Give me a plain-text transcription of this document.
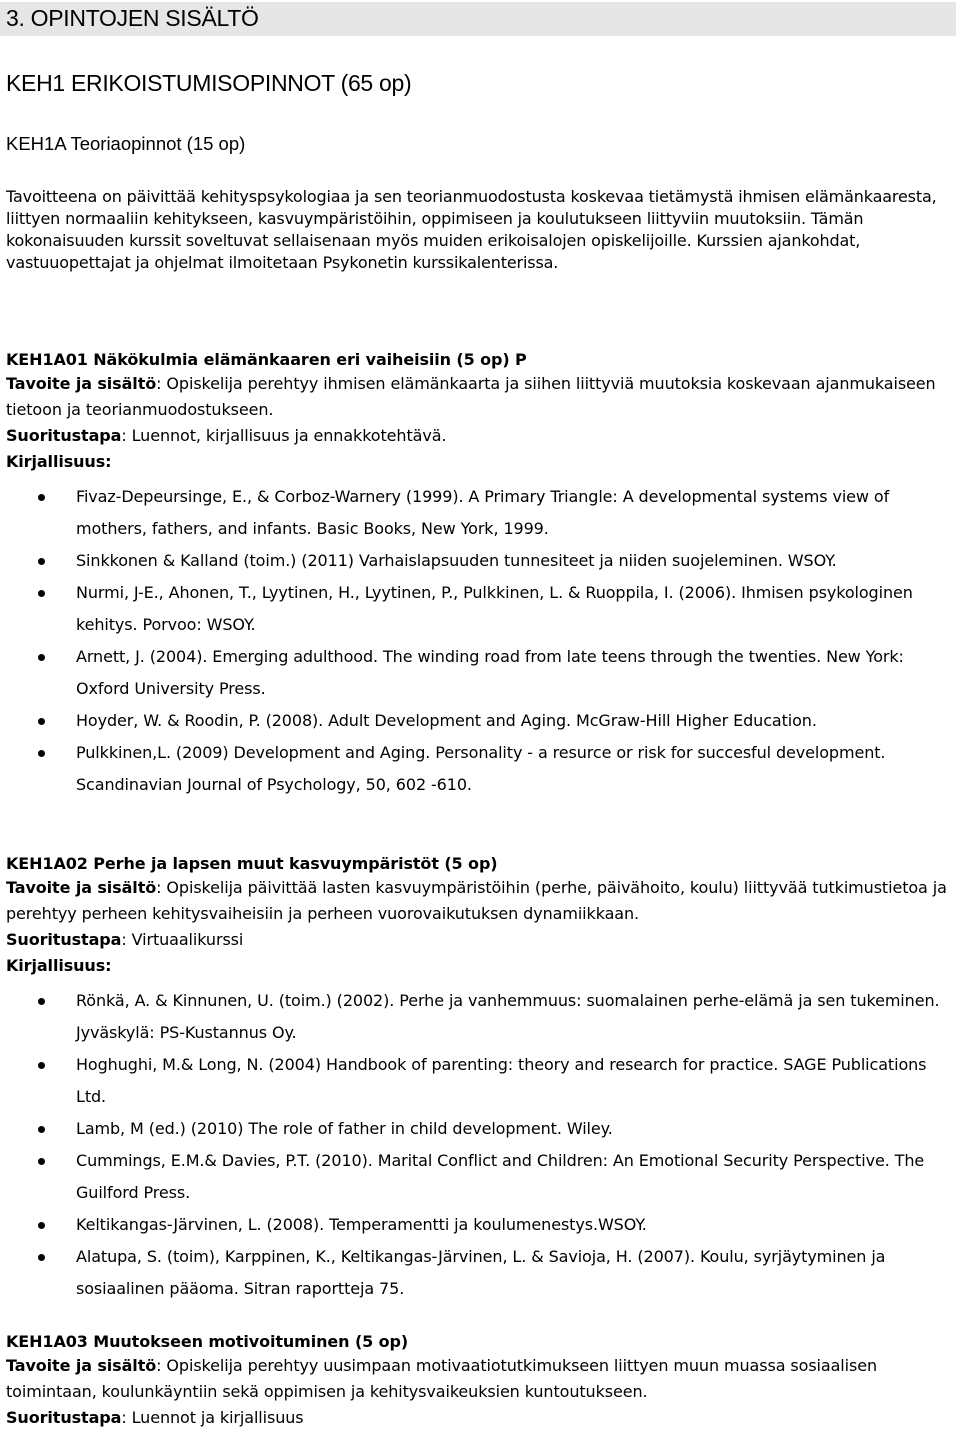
3. OPINTOJEN SISÄLTÖ
KEH1 ERIKOISTUMISOPINNOT (65 op)
KEH1A Teoriaopinnot (15 op)

Tavoitteena on päivittää kehityspsykologiaa ja sen teorianmuodostusta koskevaa tietämystä ihmisen elämänkaaresta, liittyen normaaliin kehitykseen, kasvuympäristöihin, oppimiseen ja koulutukseen liittyviin muutoksiin. Tämän kokonaisuuden kurssit soveltuvat sellaisenaan myös muiden erikoisalojen opiskelijoille. Kurssien ajankohdat, vastuuopettajat ja ohjelmat ilmoitetaan Psykonetin kurssikalenterissa.

KEH1A01 Näkökulmia elämänkaaren eri vaiheisiin (5 op) P
Tavoite ja sisältö: Opiskelija perehtyy ihmisen elämänkaarta ja siihen liittyviä muutoksia koskevaan ajanmukaiseen tietoon ja teorianmuodostukseen.
Suoritustapa: Luennot, kirjallisuus ja ennakkotehtävä.
Kirjallisuus:
Fivaz-Depeursinge, E., & Corboz-Warnery (1999). A Primary Triangle: A developmental systems view of mothers, fathers, and infants. Basic Books, New York, 1999.
Sinkkonen & Kalland (toim.) (2011) Varhaislapsuuden tunnesiteet ja niiden suojeleminen. WSOY.
Nurmi, J-E., Ahonen, T., Lyytinen, H., Lyytinen, P., Pulkkinen, L. & Ruoppila, I. (2006). Ihmisen psykologinen kehitys. Porvoo: WSOY.
Arnett, J. (2004). Emerging adulthood. The winding road from late teens through the twenties. New York: Oxford University Press.
Hoyder, W. & Roodin, P. (2008). Adult Development and Aging. McGraw-Hill Higher Education.
Pulkkinen,L. (2009) Development and Aging. Personality - a resurce or risk for succesful development. Scandinavian Journal of Psychology, 50, 602 -610.
KEH1A02 Perhe ja lapsen muut kasvuympäristöt (5 op)
Tavoite ja sisältö: Opiskelija päivittää lasten kasvuympäristöihin (perhe, päivähoito, koulu) liittyvää tutkimustietoa ja perehtyy perheen kehitysvaiheisiin ja perheen vuorovaikutuksen dynamiikkaan.
Suoritustapa: Virtuaalikurssi
Kirjallisuus:
Rönkä, A. & Kinnunen, U. (toim.) (2002). Perhe ja vanhemmuus: suomalainen perhe-elämä ja sen tukeminen. Jyväskylä: PS-Kustannus Oy.
Hoghughi, M.& Long, N. (2004) Handbook of parenting: theory and research for practice. SAGE Publications Ltd.
Lamb, M (ed.) (2010) The role of father in child development. Wiley.
Cummings, E.M.& Davies, P.T. (2010). Marital Conflict and Children: An Emotional Security Perspective. The Guilford Press.
Keltikangas-Järvinen, L. (2008). Temperamentti ja koulumenestys.WSOY.
Alatupa, S. (toim), Karppinen, K., Keltikangas-Järvinen, L. & Savioja, H. (2007). Koulu, syrjäytyminen ja sosiaalinen pääoma. Sitran raportteja 75.
KEH1A03 Muutokseen motivoituminen (5 op)
Tavoite ja sisältö: Opiskelija perehtyy uusimpaan motivaatiotutkimukseen liittyen muun muassa sosiaalisen toimintaan, koulunkäyntiin sekä oppimisen ja kehitysvaikeuksien kuntoutukseen.
Suoritustapa: Luennot ja kirjallisuus
